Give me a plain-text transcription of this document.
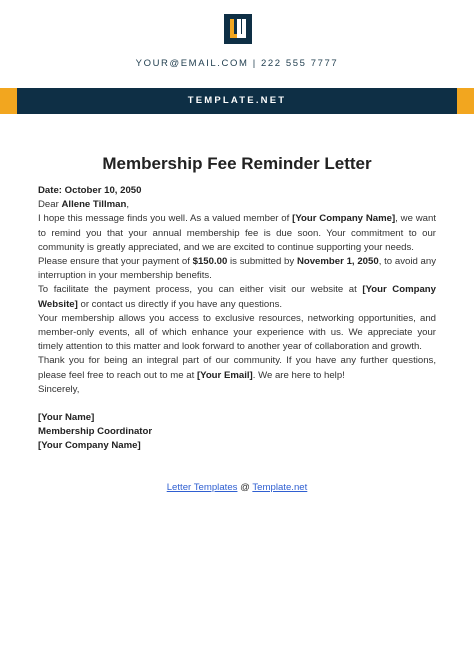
YOUR@EMAIL.COM | 222 555 7777
TEMPLATE.NET
Membership Fee Reminder Letter

Date: October 10, 2050

Dear Allene Tillman,

I hope this message finds you well. As a valued member of [Your Company Name], we want to remind you that your annual membership fee is due soon. Your commitment to our community is greatly appreciated, and we are excited to continue supporting your needs.

Please ensure that your payment of $150.00 is submitted by November 1, 2050, to avoid any interruption in your membership benefits.

To facilitate the payment process, you can either visit our website at [Your Company Website] or contact us directly if you have any questions.

Your membership allows you access to exclusive resources, networking opportunities, and member-only events, all of which enhance your experience with us. We appreciate your timely attention to this matter and look forward to another year of collaboration and growth.

Thank you for being an integral part of our community. If you have any further questions, please feel free to reach out to me at [Your Email]. We are here to help!

Sincerely,

[Your Name]

Membership Coordinator

[Your Company Name]

Letter Templates @ Template.net
